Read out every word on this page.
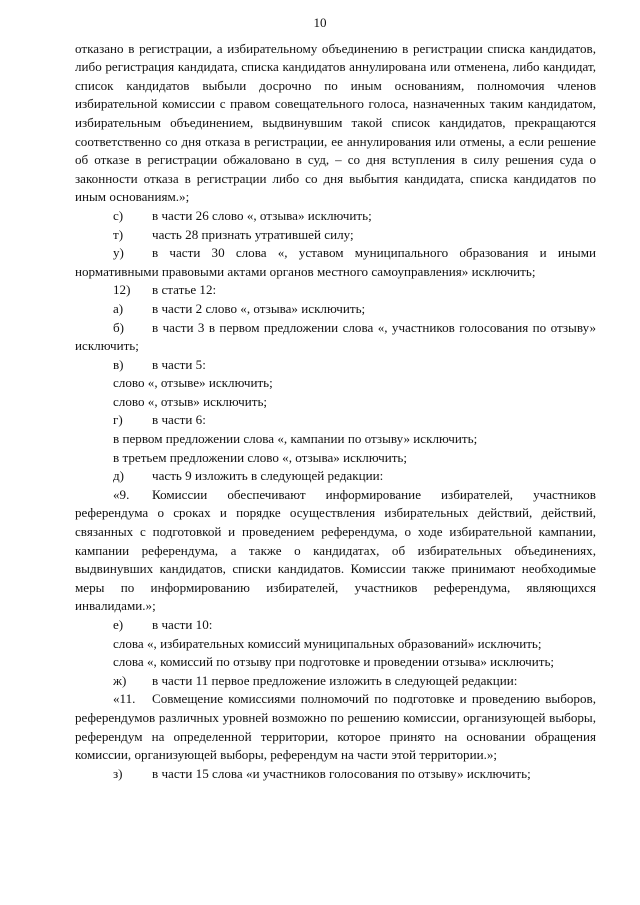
10

отказано в регистрации, а избирательному объединению в регистрации списка кандидатов, либо регистрация кандидата, списка кандидатов аннулирована или отменена, либо кандидат, список кандидатов выбыли досрочно по иным основаниям, полномочия членов избирательной комиссии с правом совещательного голоса, назначенных таким кандидатом, избирательным объединением, выдвинувшим такой список кандидатов, прекращаются соответственно со дня отказа в регистрации, ее аннулирования или отмены, а если решение об отказе в регистрации обжаловано в суд, – со дня вступления в силу решения суда о законности отказа в регистрации либо со дня выбытия кандидата, списка кандидатов по иным основаниям.»;

с) в части 26 слово «, отзыва» исключить;

т) часть 28 признать утратившей силу;

у) в части 30 слова «, уставом муниципального образования и иными нормативными правовыми актами органов местного самоуправления» исключить;

12) в статье 12:

а) в части 2 слово «, отзыва» исключить;

б) в части 3 в первом предложении слова «, участников голосования по отзыву» исключить;

в) в части 5:

слово «, отзыве» исключить;

слово «, отзыв» исключить;

г) в части 6:

в первом предложении слова «, кампании по отзыву» исключить;

в третьем предложении слово «, отзыва» исключить;

д) часть 9 изложить в следующей редакции:

«9. Комиссии обеспечивают информирование избирателей, участников референдума о сроках и порядке осуществления избирательных действий, действий, связанных с подготовкой и проведением референдума, о ходе избирательной кампании, кампании референдума, а также о кандидатах, об избирательных объединениях, выдвинувших кандидатов, списки кандидатов. Комиссии также принимают необходимые меры по информированию избирателей, участников референдума, являющихся инвалидами.»;

е) в части 10:

слова «, избирательных комиссий муниципальных образований» исключить;

слова «, комиссий по отзыву при подготовке и проведении отзыва» исключить;

ж) в части 11 первое предложение изложить в следующей редакции:

«11. Совмещение комиссиями полномочий по подготовке и проведению выборов, референдумов различных уровней возможно по решению комиссии, организующей выборы, референдум на определенной территории, которое принято на основании обращения комиссии, организующей выборы, референдум на части этой территории.»;

з) в части 15 слова «и участников голосования по отзыву» исключить;
